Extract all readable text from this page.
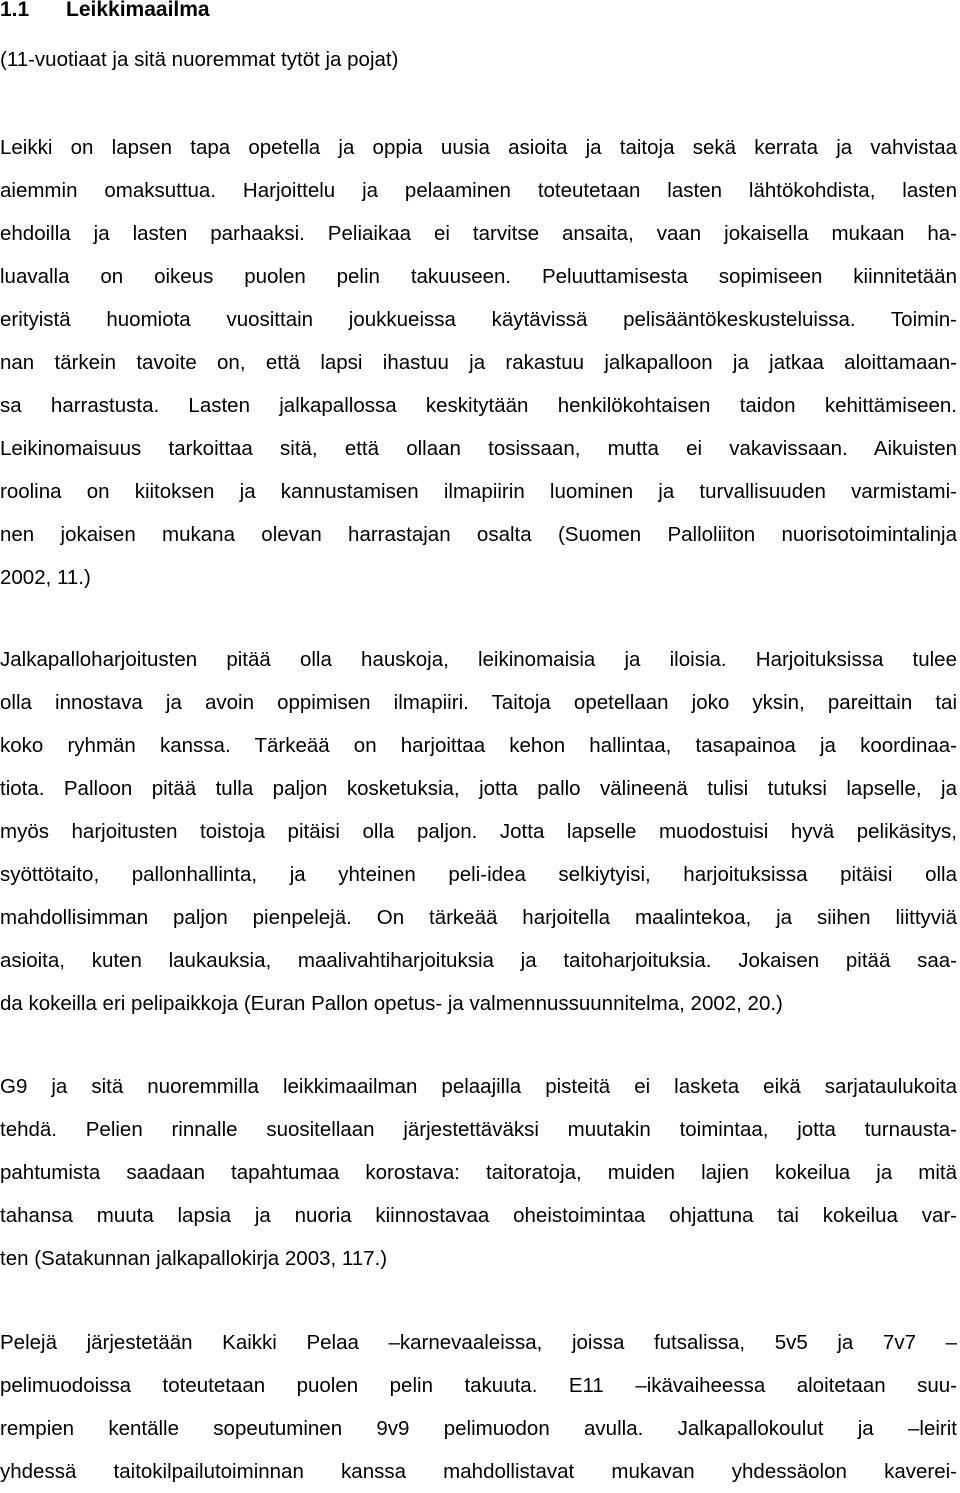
1.1 Leikkimaailma

(11-vuotiaat ja sitä nuoremmat tytöt ja pojat)

Leikki on lapsen tapa opetella ja oppia uusia asioita ja taitoja sekä kerrata ja vahvistaa
aiemmin omaksuttua. Harjoittelu ja pelaaminen toteutetaan lasten lähtökohdista, lasten
ehdoilla ja lasten parhaaksi. Peliaikaa ei tarvitse ansaita, vaan jokaisella mukaan ha-
luavalla on oikeus puolen pelin takuuseen. Peluuttamisesta sopimiseen kiinnitetään
erityistä huomiota vuosittain joukkueissa käytävissä pelisääntökeskusteluissa. Toimin-
nan tärkein tavoite on, että lapsi ihastuu ja rakastuu jalkapalloon ja jatkaa aloittamaan-
sa harrastusta. Lasten jalkapallossa keskitytään henkilökohtaisen taidon kehittämiseen.
Leikinomaisuus tarkoittaa sitä, että ollaan tosissaan, mutta ei vakavissaan. Aikuisten
roolina on kiitoksen ja kannustamisen ilmapiirin luominen ja turvallisuuden varmistami-
nen jokaisen mukana olevan harrastajan osalta (Suomen Palloliiton nuorisotoimintalinja
2002, 11.)
Jalkapalloharjoitusten pitää olla hauskoja, leikinomaisia ja iloisia. Harjoituksissa tulee
olla innostava ja avoin oppimisen ilmapiiri. Taitoja opetellaan joko yksin, pareittain tai
koko ryhmän kanssa. Tärkeää on harjoittaa kehon hallintaa, tasapainoa ja koordinaa-
tiota. Palloon pitää tulla paljon kosketuksia, jotta pallo välineenä tulisi tutuksi lapselle, ja
myös harjoitusten toistoja pitäisi olla paljon. Jotta lapselle muodostuisi hyvä pelikäsitys,
syöttötaito, pallonhallinta, ja yhteinen peli-idea selkiytyisi, harjoituksissa pitäisi olla
mahdollisimman paljon pienpelejä. On tärkeää harjoitella maalintekoa, ja siihen liittyviä
asioita, kuten laukauksia, maalivahtiharjoituksia ja taitoharjoituksia. Jokaisen pitää saa-
da kokeilla eri pelipaikkoja (Euran Pallon opetus- ja valmennussuunnitelma, 2002, 20.)
G9 ja sitä nuoremmilla leikkimaailman pelaajilla pisteitä ei lasketa eikä sarjataulukoita
tehdä. Pelien rinnalle suositellaan järjestettäväksi muutakin toimintaa, jotta turnausta-
pahtumista saadaan tapahtumaa korostava: taitoratoja, muiden lajien kokeilua ja mitä
tahansa muuta lapsia ja nuoria kiinnostavaa oheistoimintaa ohjattuna tai kokeilua var-
ten (Satakunnan jalkapallokirja 2003, 117.)
Pelejä järjestetään Kaikki Pelaa –karnevaaleissa, joissa futsalissa, 5v5 ja 7v7 –
pelimuodoissa toteutetaan puolen pelin takuuta. E11 –ikävaiheessa aloitetaan suu-
rempien kentälle sopeutuminen 9v9 pelimuodon avulla. Jalkapallokoulut ja –leirit
yhdessä taitokilpailutoiminnan kanssa mahdollistavat mukavan yhdessäolon kaverei-
